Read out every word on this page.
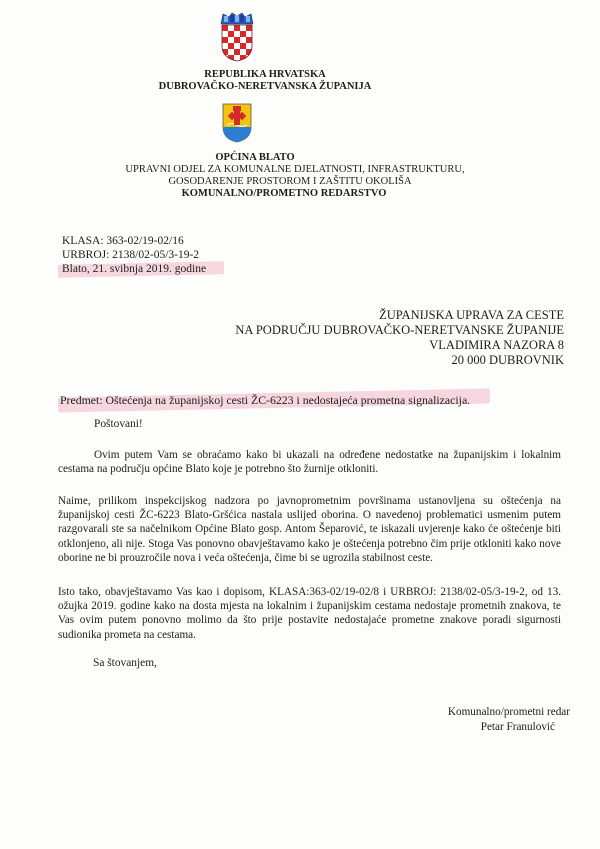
REPUBLIKA HRVATSKA
DUBROVAČKO-NERETVANSKA ŽUPANIJA
OPĆINA BLATO
UPRAVNI ODJEL ZA KOMUNALNE DJELATNOSTI, INFRASTRUKTURU,
GOSODARENJE PROSTOROM I ZAŠTITU OKOLIŠA
KOMUNALNO/PROMETNO REDARSTVO
KLASA: 363-02/19-02/16
URBROJ: 2138/02-05/3-19-2
Blato, 21. svibnja 2019. godine
ŽUPANIJSKA UPRAVA ZA CESTE
NA PODRUČJU DUBROVAČKO-NERETVANSKE ŽUPANIJE
VLADIMIRA NAZORA 8
20 000 DUBROVNIK
Predmet: Oštećenja na županijskoj cesti ŽC-6223 i nedostajeća prometna signalizacija.
Poštovani!
Ovim putem Vam se obraćamo kako bi ukazali na određene nedostatke na županijskim i lokalnim cestama na području općine Blato koje je potrebno što žurnije otkloniti.
Naime, prilikom inspekcijskog nadzora po javnoprometnim površinama ustanovljena su oštećenja na županijskoj cesti ŽC-6223 Blato-Gršćica nastala uslijed oborina. O navedenoj problematici usmenim putem razgovarali ste sa načelnikom Općine Blato gosp. Antom Šeparović, te iskazali uvjerenje kako će oštećenje biti otklonjeno, ali nije. Stoga Vas ponovno obavještavamo kako je oštećenja potrebno čim prije otkloniti kako nove oborine ne bi prouzročile nova i veća oštećenja, čime bi se ugrozila stabilnost ceste.
Isto tako, obavještavamo Vas kao i dopisom, KLASA:363-02/19-02/8 i URBROJ: 2138/02-05/3-19-2, od 13. ožujka 2019. godine kako na dosta mjesta na lokalnim i županijskim cestama nedostaje prometnih znakova, te Vas ovim putem ponovno molimo da što prije postavite nedostajaće prometne znakove poradi sigurnosti sudionika prometa na cestama.
Sa štovanjem,
Komunalno/prometni redar
Petar Franulović
